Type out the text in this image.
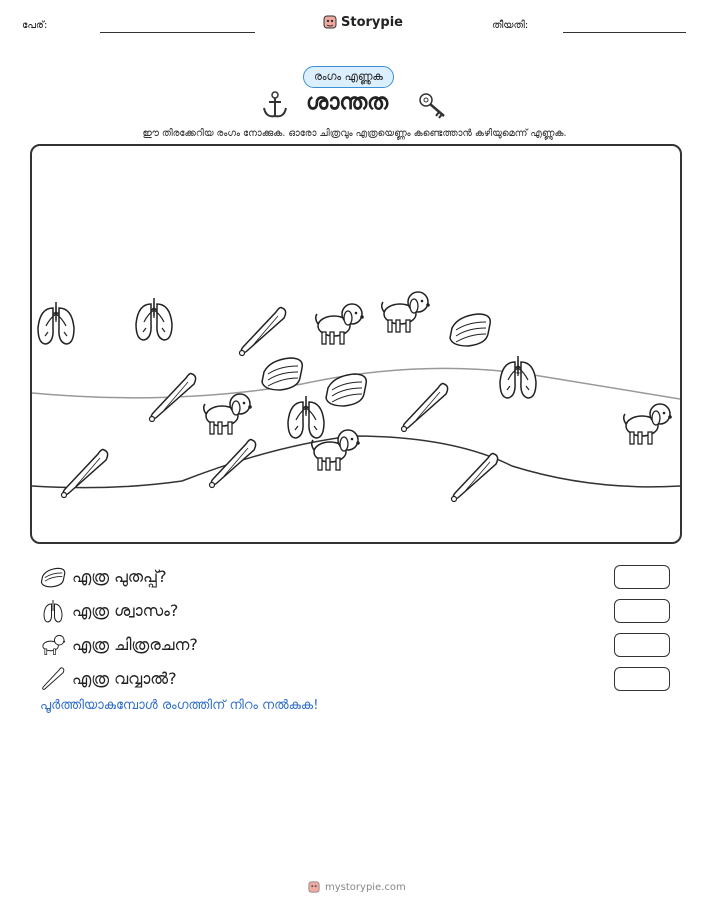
പേര്:	Storypie	തീയതി:
രംഗം എണ്ണുക
ശാന്തത
ഈ തിരക്കേറിയ രംഗം നോക്കുക. ഓരോ ചിത്രവും എത്രയെണ്ണം കണ്ടെത്താൻ കഴിയുമെന്ന് എണ്ണുക.
എത്ര പുതപ്പ്?
എത്ര ശ്വാസം?
എത്ര ചിത്രരചന?
എത്ര വവ്വാൽ?
പൂർത്തിയാകുമ്പോൾ രംഗത്തിന് നിറം നൽകുക!
mystorypie.com
